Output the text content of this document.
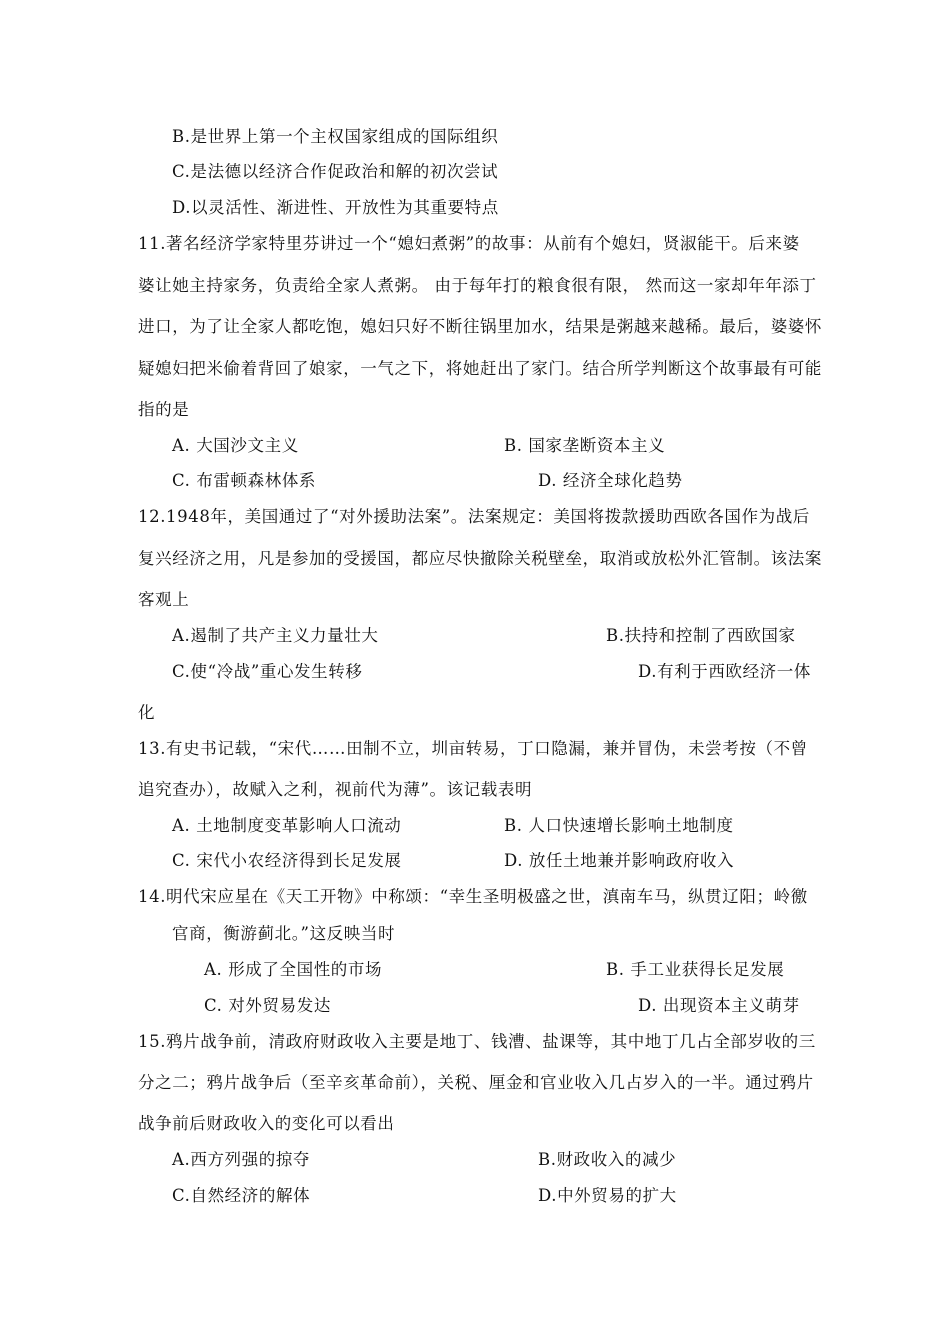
B.是世界上第一个主权国家组成的国际组织
C.是法德以经济合作促政治和解的初次尝试
D.以灵活性、渐进性、开放性为其重要特点
11.著名经济学家特里芬讲过一个“媳妇煮粥”的故事：从前有个媳妇，贤淑能干。后来婆
婆让她主持家务，负责给全家人煮粥。 由于每年打的粮食很有限， 然而这一家却年年添丁
进口，为了让全家人都吃饱，媳妇只好不断往锅里加水，结果是粥越来越稀。最后，婆婆怀
疑媳妇把米偷着背回了娘家，一气之下，将她赶出了家门。结合所学判断这个故事最有可能
指的是
A. 大国沙文主义	B. 国家垄断资本主义
C. 布雷顿森林体系	D. 经济全球化趋势
12.1948年，美国通过了“对外援助法案”。法案规定：美国将拨款援助西欧各国作为战后
复兴经济之用，凡是参加的受援国，都应尽快撤除关税壁垒，取消或放松外汇管制。该法案
客观上
A.遏制了共产主义力量壮大	B.扶持和控制了西欧国家
C.使“冷战”重心发生转移	D.有利于西欧经济一体
化
13.有史书记载，“宋代……田制不立，圳亩转易，丁口隐漏，兼并冒伪，未尝考按（不曾
追究查办），故赋入之利，视前代为薄”。该记载表明
A. 土地制度变革影响人口流动	B. 人口快速增长影响土地制度
C. 宋代小农经济得到长足发展	D. 放任土地兼并影响政府收入
14.明代宋应星在《天工开物》中称颂：“幸生圣明极盛之世，滇南车马，纵贯辽阳；岭徼
官商，衡游蓟北。”这反映当时
A. 形成了全国性的市场	B. 手工业获得长足发展
C. 对外贸易发达	D. 出现资本主义萌芽
15.鸦片战争前，清政府财政收入主要是地丁、钱漕、盐课等，其中地丁几占全部岁收的三
分之二；鸦片战争后（至辛亥革命前），关税、厘金和官业收入几占岁入的一半。通过鸦片
战争前后财政收入的变化可以看出
A.西方列强的掠夺	B.财政收入的减少
C.自然经济的解体	D.中外贸易的扩大
